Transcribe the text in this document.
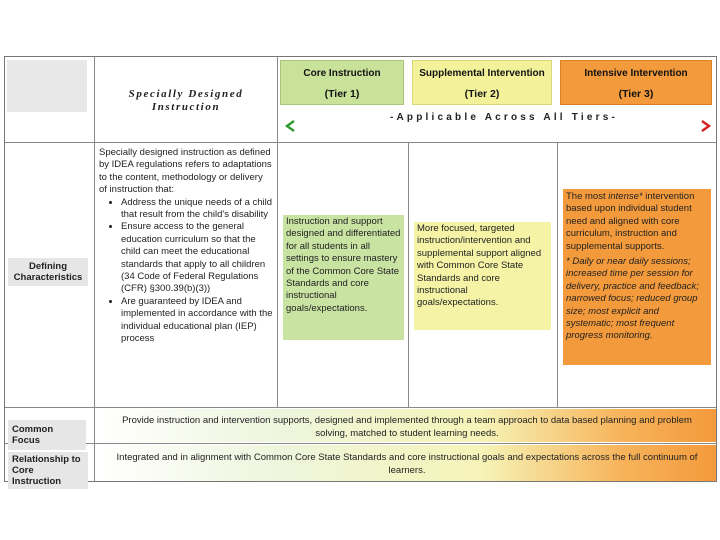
Specially Designed Instruction
Core Instruction
(Tier 1)
Supplemental Intervention
(Tier 2)
Intensive Intervention
(Tier 3)
-Applicable Across All Tiers-
Defining Characteristics
Specially designed instruction as defined by IDEA regulations refers to adaptations to the content, methodology or delivery of instruction that:
• Address the unique needs of a child that result from the child's disability
• Ensure access to the general education curriculum so that the child can meet the educational standards that apply to all children (34 Code of Federal Regulations (CFR) §300.39(b)(3))
• Are guaranteed by IDEA and implemented in accordance with the individual educational plan (IEP) process
Instruction and support designed and differentiated for all students in all settings to ensure mastery of the Common Core State Standards and core instructional goals/expectations.
More focused, targeted instruction/intervention and supplemental support aligned with Common Core State Standards and core instructional goals/expectations.
The most intense* intervention based upon individual student need and aligned with core curriculum, instruction and supplemental supports.
* Daily or near daily sessions; increased time per session for delivery, practice and feedback; narrowed focus; reduced group size; most explicit and systematic; most frequent progress monitoring.
Common Focus
Provide instruction and intervention supports, designed and implemented through a team approach to data based planning and problem solving, matched to student learning needs.
Relationship to Core Instruction
Integrated and in alignment with Common Core State Standards and core instructional goals and expectations across the full continuum of learners.
